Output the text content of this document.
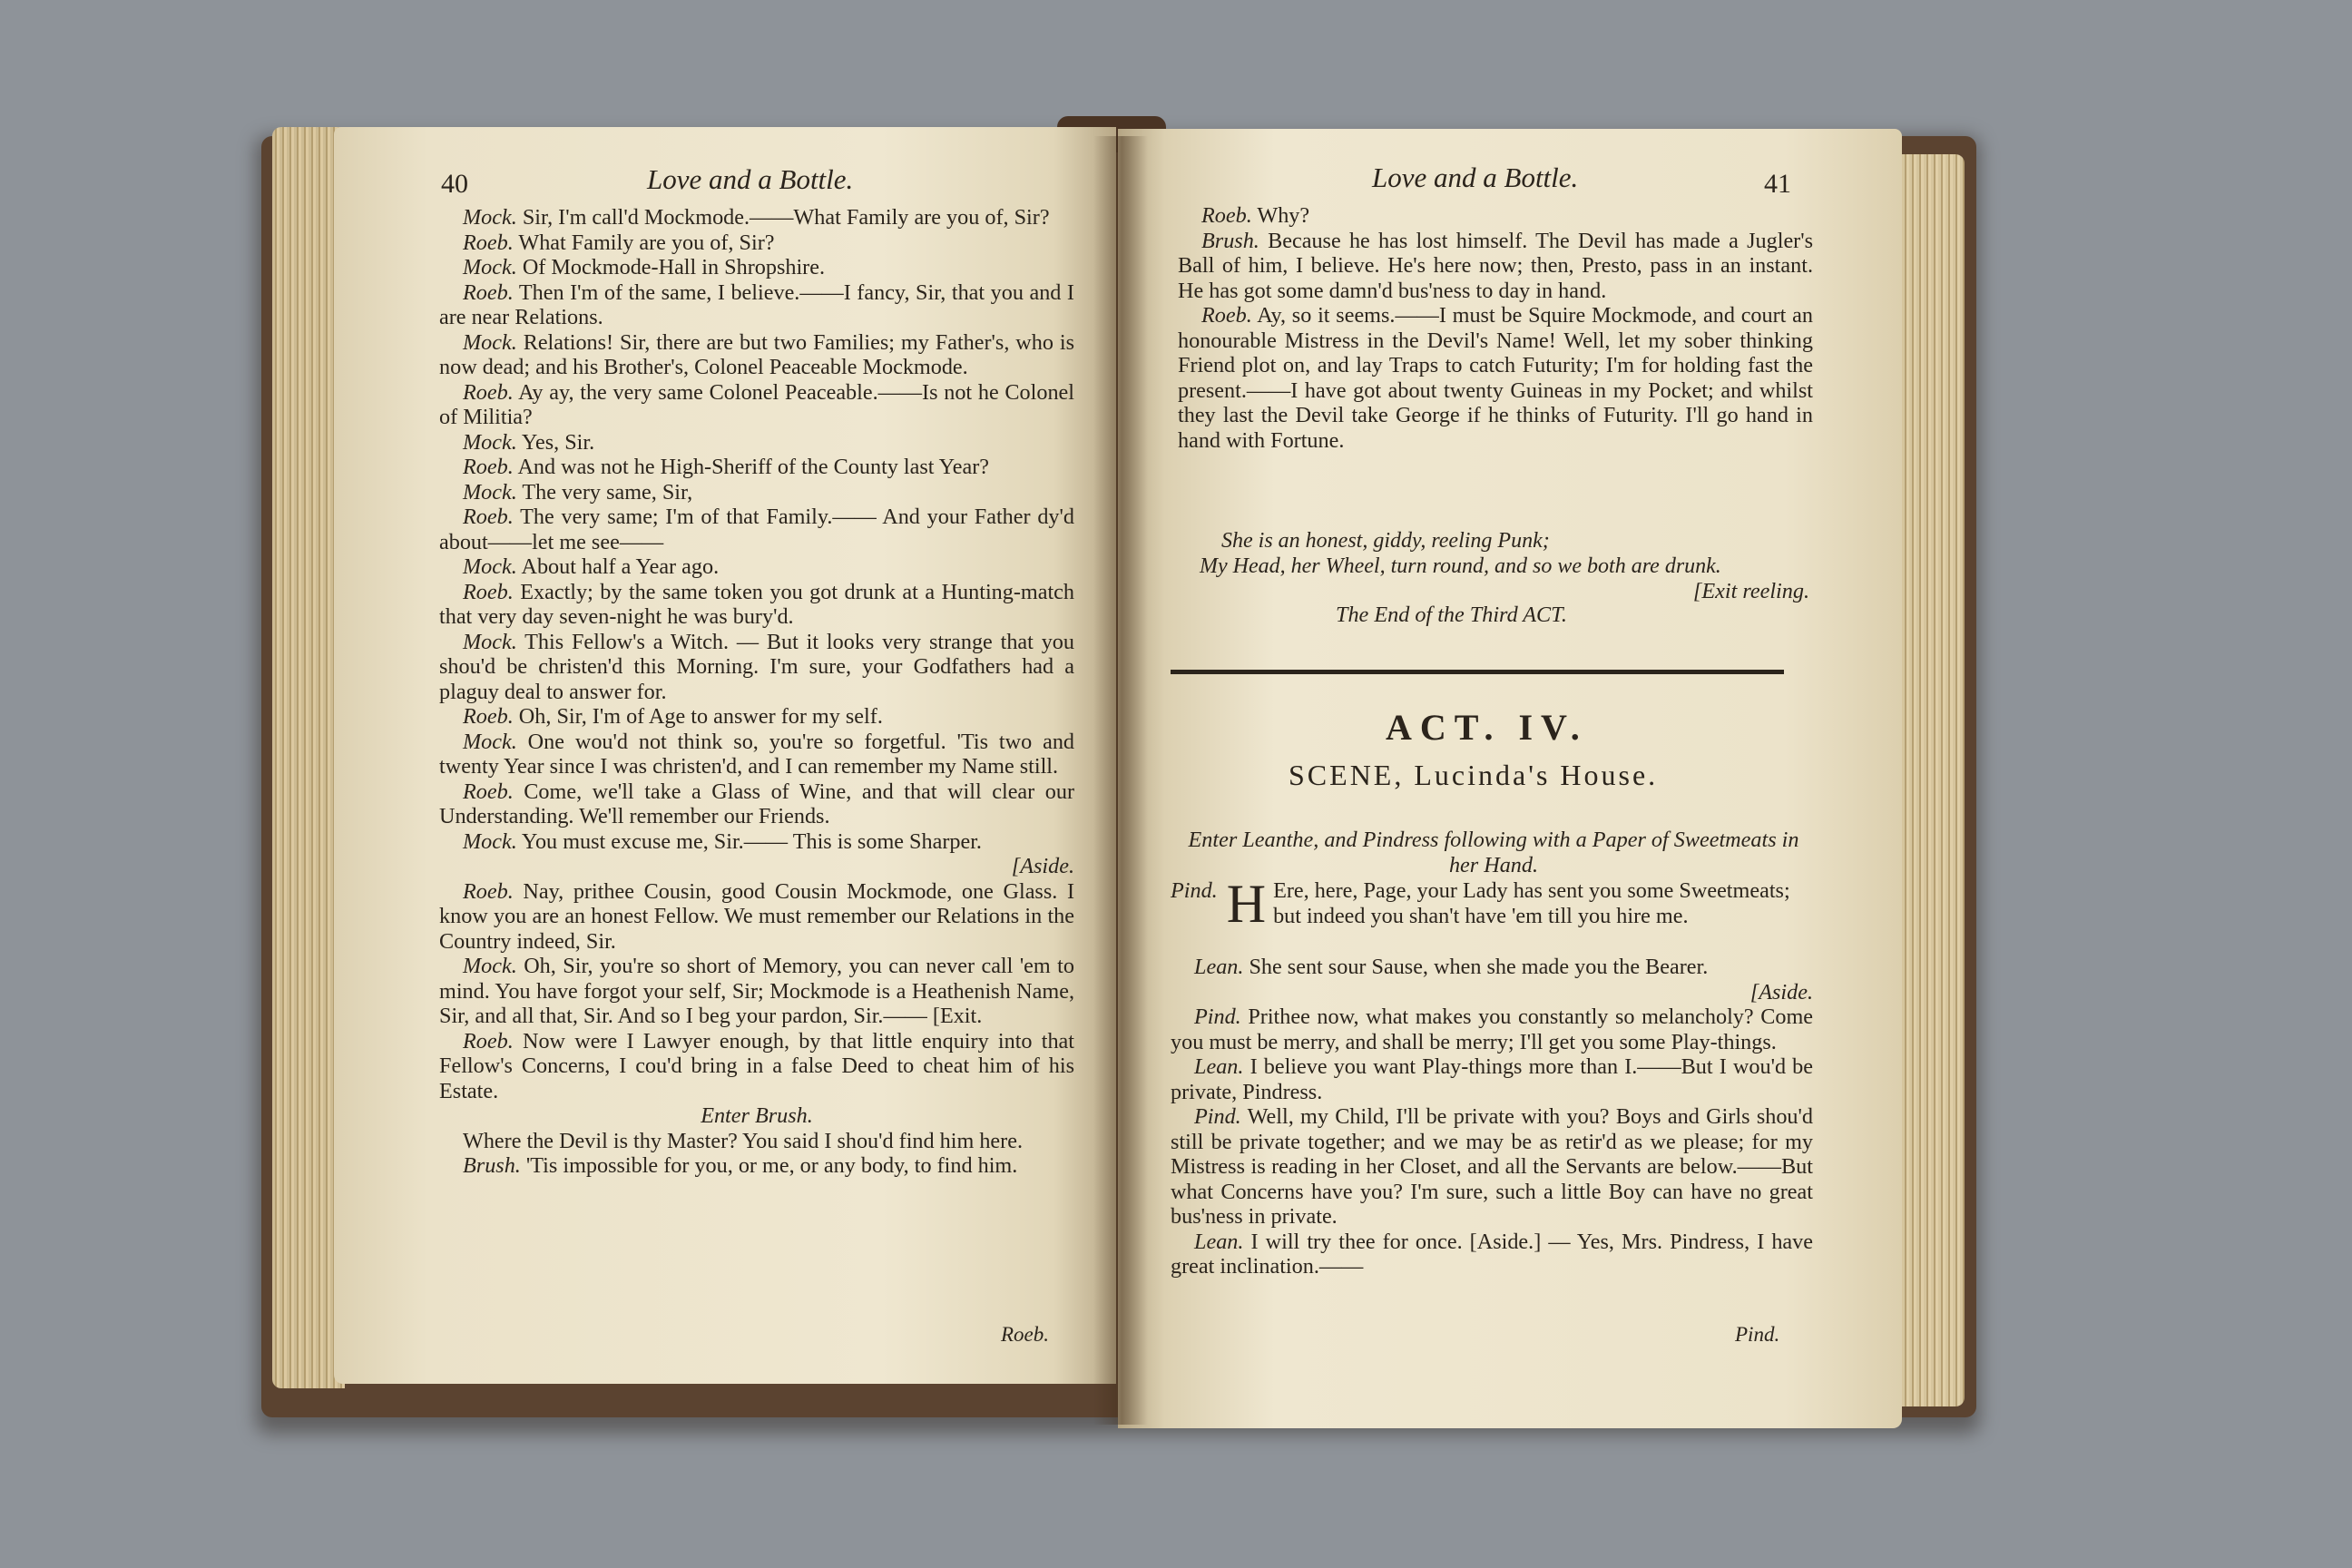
40	Love and a Bottle.

Mock. Sir, I'm call'd Mockmode.——What Family are you of, Sir?

Roeb. What Family are you of, Sir?

Mock. Of Mockmode-Hall in Shropshire.

Roeb. Then I'm of the same, I believe.——I fancy, Sir, that you and I are near Relations.

Mock. Relations! Sir, there are but two Families; my Father's, who is now dead; and his Brother's, Colonel Peaceable Mockmode.

Roeb. Ay ay, the very same Colonel Peaceable.——Is not he Colonel of Militia?

Mock. Yes, Sir.

Roeb. And was not he High-Sheriff of the County last Year?

Mock. The very same, Sir,

Roeb. The very same; I'm of that Family.—— And your Father dy'd about——let me see——

Mock. About half a Year ago.

Roeb. Exactly; by the same token you got drunk at a Hunting-match that very day seven-night he was bury'd.

Mock. This Fellow's a Witch. — But it looks very strange that you shou'd be christen'd this Morning. I'm sure, your Godfathers had a plaguy deal to answer for.

Roeb. Oh, Sir, I'm of Age to answer for my self.

Mock. One wou'd not think so, you're so forgetful. 'Tis two and twenty Year since I was christen'd, and I can remember my Name still.

Roeb. Come, we'll take a Glass of Wine, and that will clear our Understanding. We'll remember our Friends.

Mock. You must excuse me, Sir.—— This is some Sharper.

[Aside.

Roeb. Nay, prithee Cousin, good Cousin Mockmode, one Glass. I know you are an honest Fellow. We must remember our Relations in the Country indeed, Sir.

Mock. Oh, Sir, you're so short of Memory, you can never call 'em to mind. You have forgot your self, Sir; Mockmode is a Heathenish Name, Sir, and all that, Sir. And so I beg your pardon, Sir.—— [Exit.

Roeb. Now were I Lawyer enough, by that little enquiry into that Fellow's Concerns, I cou'd bring in a false Deed to cheat him of his Estate.

Enter Brush.

Where the Devil is thy Master? You said I shou'd find him here.

Brush. 'Tis impossible for you, or me, or any body, to find him.

Roeb.
Love and a Bottle.	41

Roeb. Why?

Brush. Because he has lost himself. The Devil has made a Jugler's Ball of him, I believe. He's here now; then, Presto, pass in an instant. He has got some damn'd bus'ness to day in hand.

Roeb. Ay, so it seems.——I must be Squire Mockmode, and court an honourable Mistress in the Devil's Name! Well, let my sober thinking Friend plot on, and lay Traps to catch Futurity; I'm for holding fast the present.——I have got about twenty Guineas in my Pocket; and whilst they last the Devil take George if he thinks of Futurity. I'll go hand in hand with Fortune.

She is an honest, giddy, reeling Punk;
My Head, her Wheel, turn round, and so we both are drunk.
[Exit reeling.
The End of the Third ACT.
ACT. IV.
SCENE, Lucinda's House.
Enter Leanthe, and Pindress following with a Paper of Sweetmeats in her Hand.
Pind. H Ere, here, Page, your Lady has sent you some Sweetmeats; but indeed you shan't have 'em till you hire me.

Lean. She sent sour Sause, when she made you the Bearer.

[Aside.

Pind. Prithee now, what makes you constantly so melancholy? Come you must be merry, and shall be merry; I'll get you some Play-things.

Lean. I believe you want Play-things more than I.——But I wou'd be private, Pindress.

Pind. Well, my Child, I'll be private with you? Boys and Girls shou'd still be private together; and we may be as retir'd as we please; for my Mistress is reading in her Closet, and all the Servants are below.——But what Concerns have you? I'm sure, such a little Boy can have no great bus'ness in private.

Lean. I will try thee for once. [Aside.] — Yes, Mrs. Pindress, I have great inclination.——

Pind.
